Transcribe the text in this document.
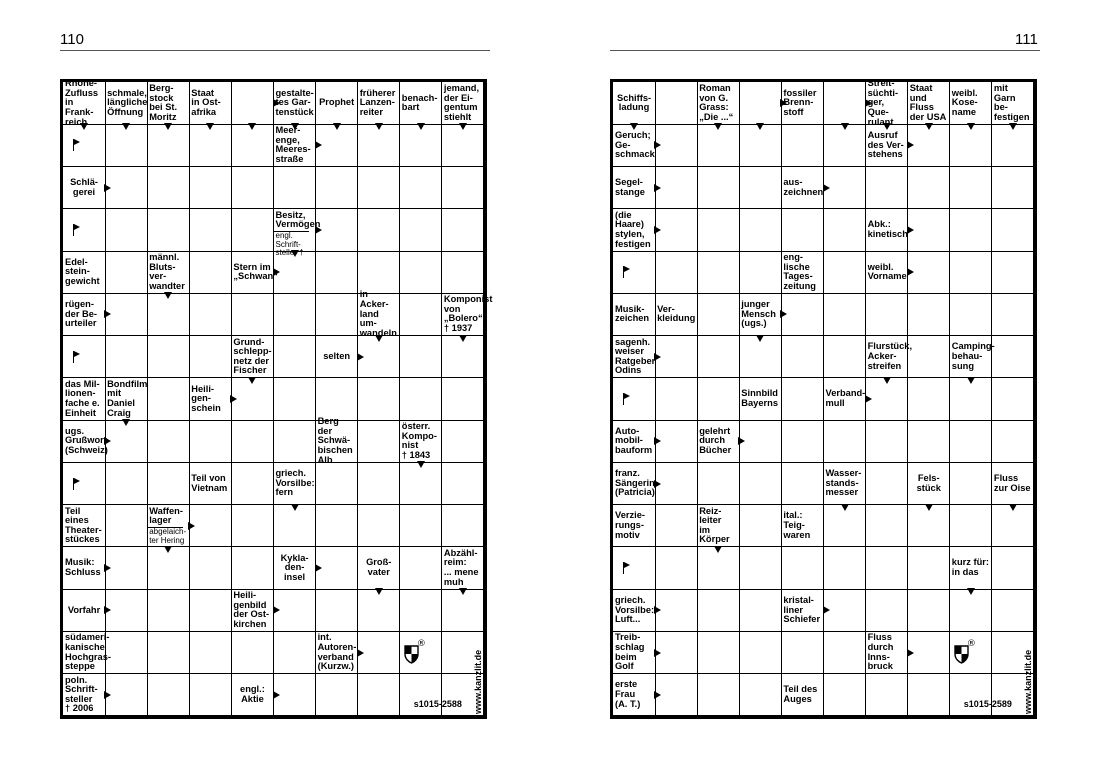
110
Rhone-
Zufluss
in Frank-
reich
schmale,
längliche
Öffnung
Berg-
stock
bei St.
Moritz
Staat
in Ost-
afrika
gestalte-
tes Gar-
tenstück
Prophet
früherer
Lanzen-
reiter
benach-
bart
jemand,
der Ei-
gentum
stiehlt
Meer-
enge,
Meeres-
straße
Schlä-
gerei
Besitz,
Vermögen
engl. Schrift-
steller †
Edel-
stein-
gewicht
männl.
Bluts-
ver-
wandter
Stern im
„Schwan“
rügen-
der Be-
urteiler
in Acker-
land um-
wandeln
Komponist
von
„Bolero“
† 1937
Grund-
schlepp-
netz der
Fischer
selten
das Mil-
lionen-
fache e.
Einheit
Bondfilm
mit
Daniel
Craig
Heili-
gen-
schein
ugs.
Grußwort
(Schweiz)
Berg der
Schwä-
bischen
Alb
österr.
Kompo-
nist
† 1843
Teil von
Vietnam
griech.
Vorsilbe:
fern
Teil
eines
Theater-
stückes
Waffen-
lager
abgelaich-
ter Hering
Musik:
Schluss
Kykla-
den-
insel
Groß-
vater
Abzähl-
reim:
... mene
muh
Vorfahr
Heili-
genbild
der Ost-
kirchen
südameri-
kanische
Hochgras-
steppe
int.
Autoren-
verband
(Kurzw.)
poln.
Schrift-
steller
† 2006
engl.:
Aktie
®
s1015-2588 www.kanzlit.de
111
Schiffs-
ladung
Roman
von G.
Grass:
„Die ...“
fossiler
Brenn-
stoff
Streit-
süchti-
ger, Que-
rulant
Staat
und Fluss
der USA
weibl.
Kose-
name
mit
Garn be-
festigen
Geruch;
Ge-
schmack
Ausruf
des Ver-
stehens
Segel-
stange
aus-
zeichnen
(die
Haare)
stylen,
festigen
Abk.:
kinetisch
eng-
lische
Tages-
zeitung
weibl.
Vorname
Musik-
zeichen
Ver-
kleidung
junger
Mensch
(ugs.)
sagenh.
weiser
Ratgeber
Odins
Flurstück,
Acker-
streifen
Camping-
behau-
sung
Sinnbild
Bayerns
Verband-
mull
Auto-
mobil-
bauform
gelehrt
durch
Bücher
franz.
Sängerin
(Patricia)
Wasser-
stands-
messer
Fels-
stück
Fluss
zur Oise
Verzie-
rungs-
motiv
Reiz-
leiter
im
Körper
ital.:
Teig-
waren
kurz für:
in das
griech.
Vorsilbe:
Luft...
kristal-
liner
Schiefer
Treib-
schlag
beim
Golf
Fluss
durch
Inns-
bruck
erste
Frau
(A. T.)
Teil des
Auges
®
s1015-2589 www.kanzlit.de
